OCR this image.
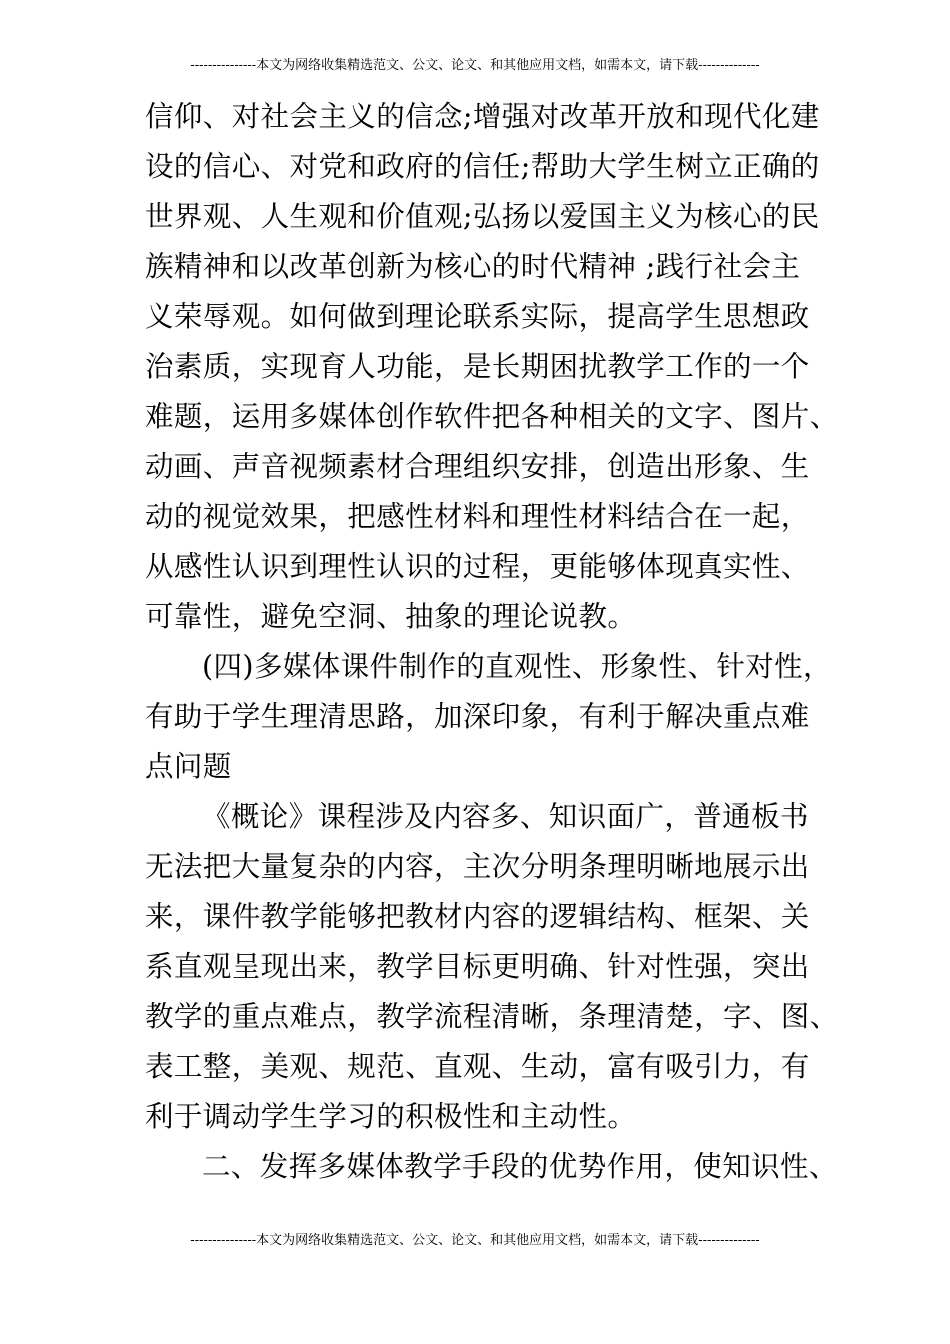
---------------本文为网络收集精选范文、公文、论文、和其他应用文档，如需本文，请下载--------------
信仰、对社会主义的信念;增强对改革开放和现代化建
设的信心、对党和政府的信任;帮助大学生树立正确的
世界观、人生观和价值观;弘扬以爱国主义为核心的民
族精神和以改革创新为核心的时代精神 ;践行社会主
义荣辱观。如何做到理论联系实际，提高学生思想政
治素质，实现育人功能，是长期困扰教学工作的一个
难题，运用多媒体创作软件把各种相关的文字、图片、
动画、声音视频素材合理组织安排，创造出形象、生
动的视觉效果，把感性材料和理性材料结合在一起，
从感性认识到理性认识的过程，更能够体现真实性、
可靠性，避免空洞、抽象的理论说教。
(四)多媒体课件制作的直观性、形象性、针对性，
有助于学生理清思路，加深印象，有利于解决重点难
点问题
《概论》课程涉及内容多、知识面广，普通板书
无法把大量复杂的内容，主次分明条理明晰地展示出
来，课件教学能够把教材内容的逻辑结构、框架、关
系直观呈现出来，教学目标更明确、针对性强，突出
教学的重点难点，教学流程清晰，条理清楚，字、图、
表工整，美观、规范、直观、生动，富有吸引力，有
利于调动学生学习的积极性和主动性。
二、发挥多媒体教学手段的优势作用，使知识性、
---------------本文为网络收集精选范文、公文、论文、和其他应用文档，如需本文，请下载--------------
